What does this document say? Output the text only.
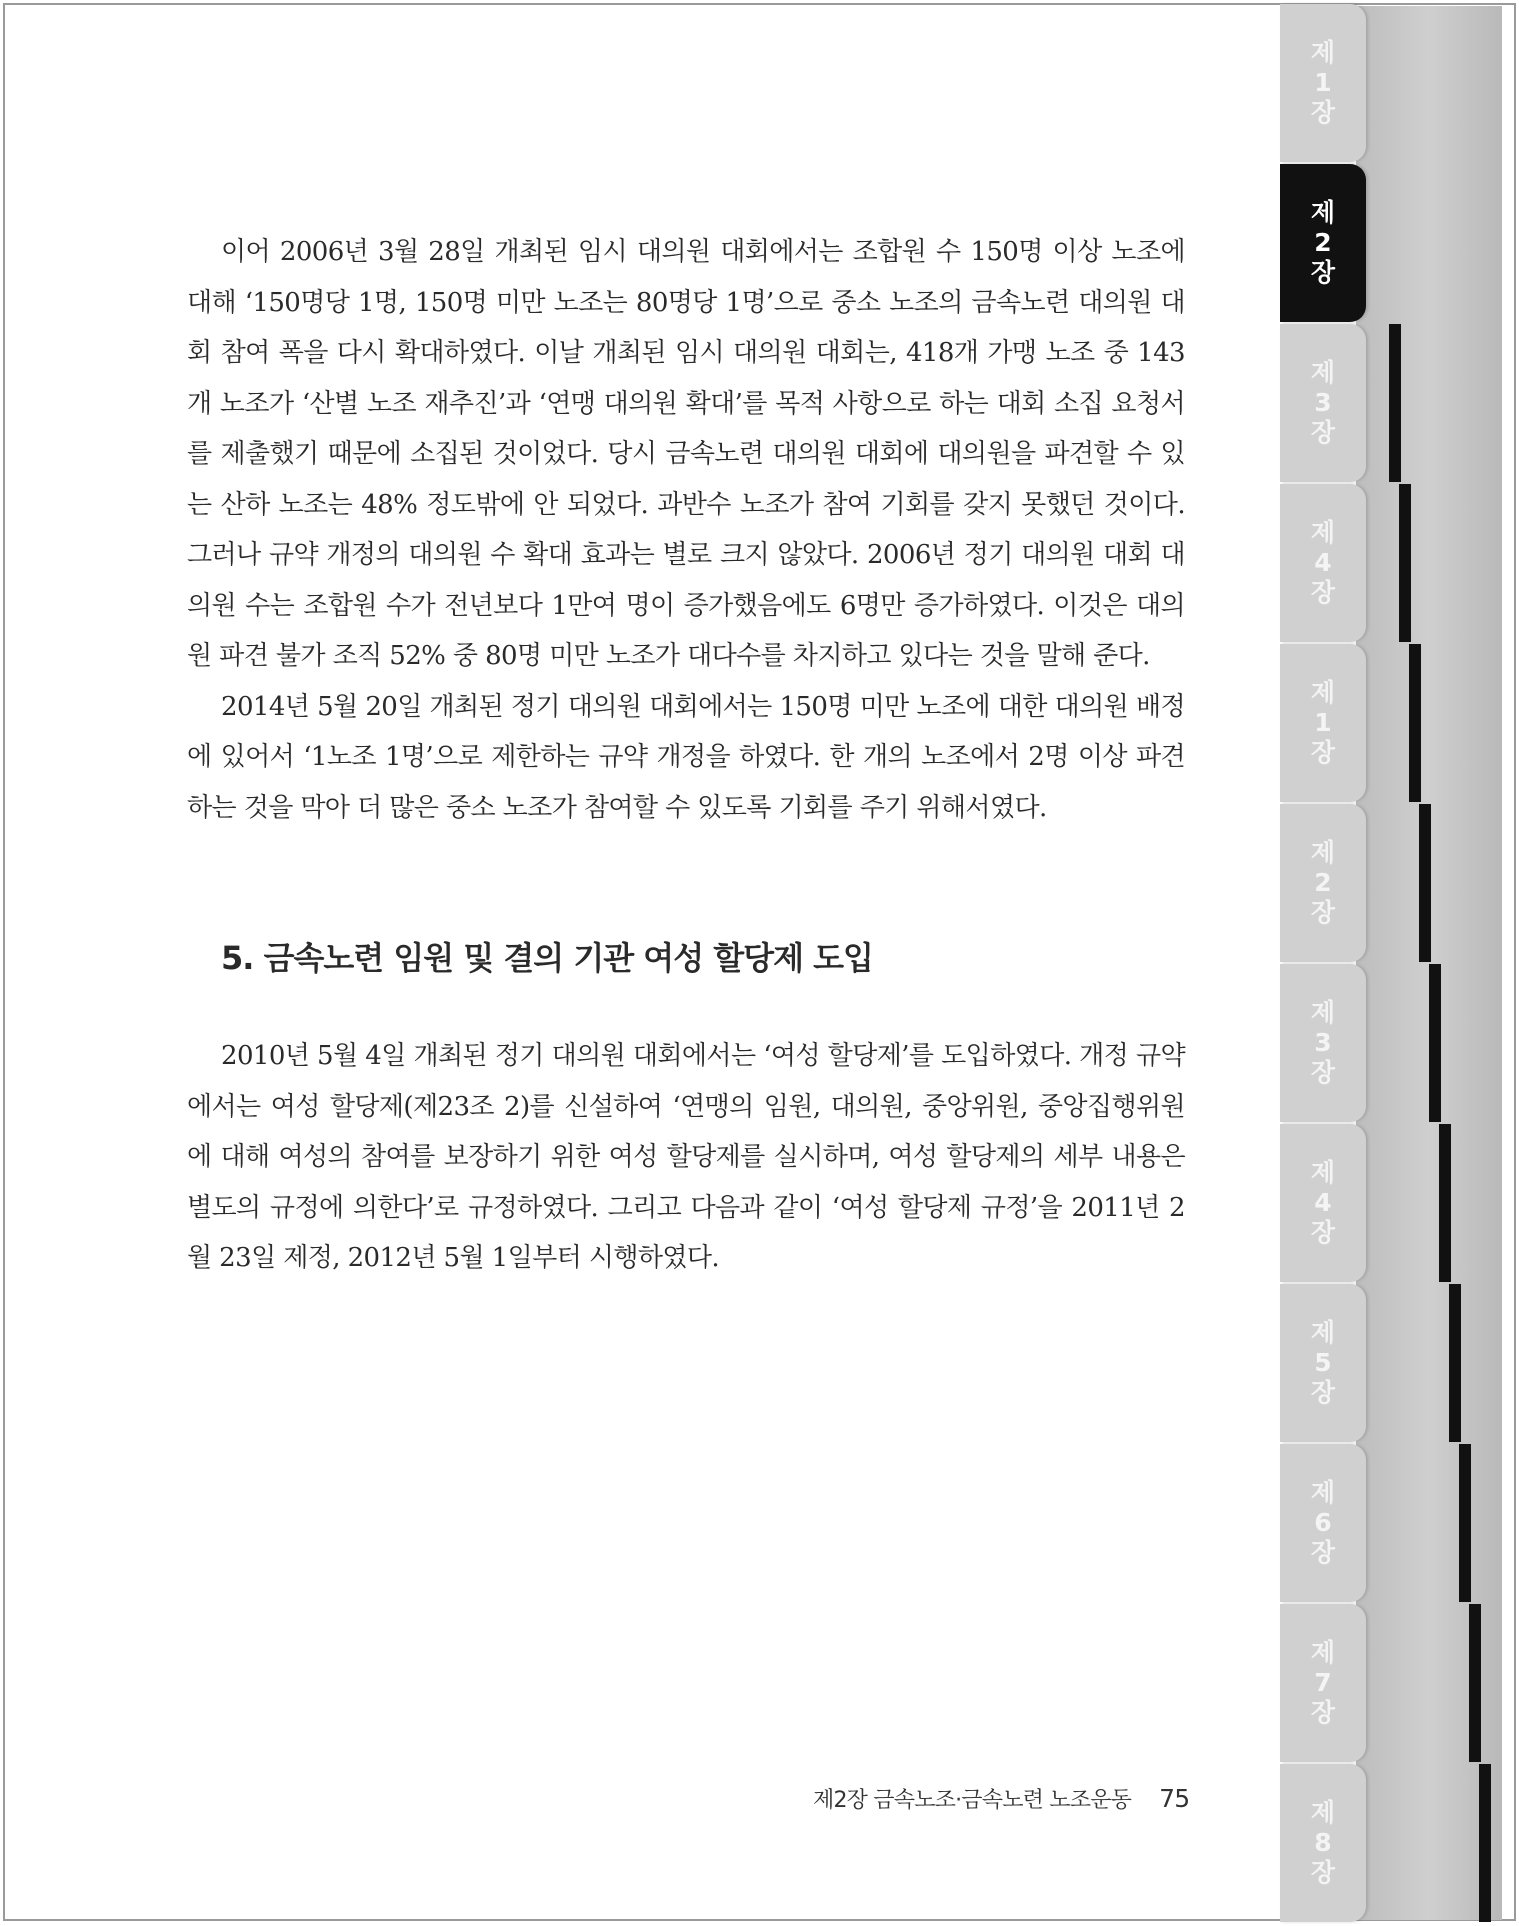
이어 2006년 3월 28일 개최된 임시 대의원 대회에서는 조합원 수 150명 이상 노조에 대해 ‘150명당 1명, 150명 미만 노조는 80명당 1명’으로 중소 노조의 금속노련 대의원 대회 참여 폭을 다시 확대하였다. 이날 개최된 임시 대의원 대회는, 418개 가맹 노조 중 143개 노조가 ‘산별 노조 재추진’과 ‘연맹 대의원 확대’를 목적 사항으로 하는 대회 소집 요청서를 제출했기 때문에 소집된 것이었다. 당시 금속노련 대의원 대회에 대의원을 파견할 수 있는 산하 노조는 48% 정도밖에 안 되었다. 과반수 노조가 참여 기회를 갖지 못했던 것이다. 그러나 규약 개정의 대의원 수 확대 효과는 별로 크지 않았다. 2006년 정기 대의원 대회 대의원 수는 조합원 수가 전년보다 1만여 명이 증가했음에도 6명만 증가하였다. 이것은 대의원 파견 불가 조직 52% 중 80명 미만 노조가 대다수를 차지하고 있다는 것을 말해 준다.

2014년 5월 20일 개최된 정기 대의원 대회에서는 150명 미만 노조에 대한 대의원 배정에 있어서 ‘1노조 1명’으로 제한하는 규약 개정을 하였다. 한 개의 노조에서 2명 이상 파견하는 것을 막아 더 많은 중소 노조가 참여할 수 있도록 기회를 주기 위해서였다.

5. 금속노련 임원 및 결의 기관 여성 할당제 도입

2010년 5월 4일 개최된 정기 대의원 대회에서는 ‘여성 할당제’를 도입하였다. 개정 규약에서는 여성 할당제(제23조 2)를 신설하여 ‘연맹의 임원, 대의원, 중앙위원, 중앙집행위원에 대해 여성의 참여를 보장하기 위한 여성 할당제를 실시하며, 여성 할당제의 세부 내용은 별도의 규정에 의한다’로 규정하였다. 그리고 다음과 같이 ‘여성 할당제 규정’을 2011년 2월 23일 제정, 2012년 5월 1일부터 시행하였다.

제2장 금속노조·금속노련 노조운동 75
제
1
장
제
2
장
제
3
장
제
4
장
제
1
장
제
2
장
제
3
장
제
4
장
제
5
장
제
6
장
제
7
장
제
8
장
